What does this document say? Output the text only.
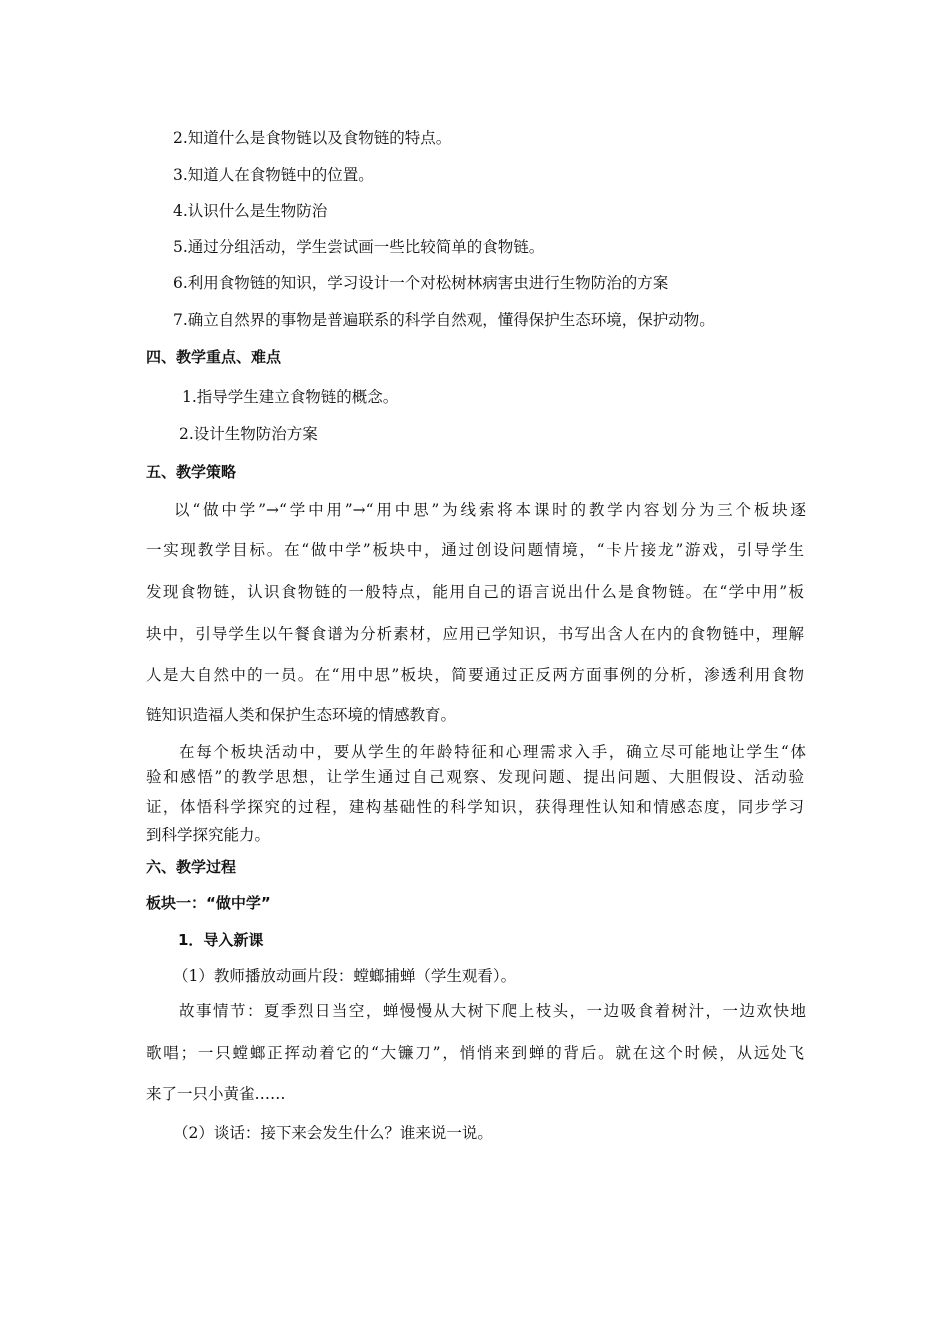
2.知道什么是食物链以及食物链的特点。
3.知道人在食物链中的位置。
4.认识什么是生物防治
5.通过分组活动，学生尝试画一些比较简单的食物链。
6.利用食物链的知识，学习设计一个对松树林病害虫进行生物防治的方案
7.确立自然界的事物是普遍联系的科学自然观，懂得保护生态环境，保护动物。
四、教学重点、难点
1.指导学生建立食物链的概念。
2.设计生物防治方案
五、教学策略
以“做中学”→“学中用”→“用中思”为线索将本课时的教学内容划分为三个板块逐
一实现教学目标。在“做中学”板块中，通过创设问题情境，“卡片接龙”游戏，引导学生
发现食物链，认识食物链的一般特点，能用自己的语言说出什么是食物链。在“学中用”板
块中，引导学生以午餐食谱为分析素材，应用已学知识，书写出含人在内的食物链中，理解
人是大自然中的一员。在“用中思”板块，简要通过正反两方面事例的分析，渗透利用食物
链知识造福人类和保护生态环境的情感教育。
在每个板块活动中，要从学生的年龄特征和心理需求入手，确立尽可能地让学生“体
验和感悟”的教学思想，让学生通过自己观察、发现问题、提出问题、大胆假设、活动验
证，体悟科学探究的过程，建构基础性的科学知识，获得理性认知和情感态度，同步学习
到科学探究能力。
六、教学过程
板块一：“做中学”
1．导入新课
（1）教师播放动画片段：螳螂捕蝉（学生观看）。
故事情节：夏季烈日当空，蝉慢慢从大树下爬上枝头，一边吸食着树汁，一边欢快地
歌唱；一只螳螂正挥动着它的“大镰刀”，悄悄来到蝉的背后。就在这个时候，从远处飞
来了一只小黄雀……
（2）谈话：接下来会发生什么？谁来说一说。
